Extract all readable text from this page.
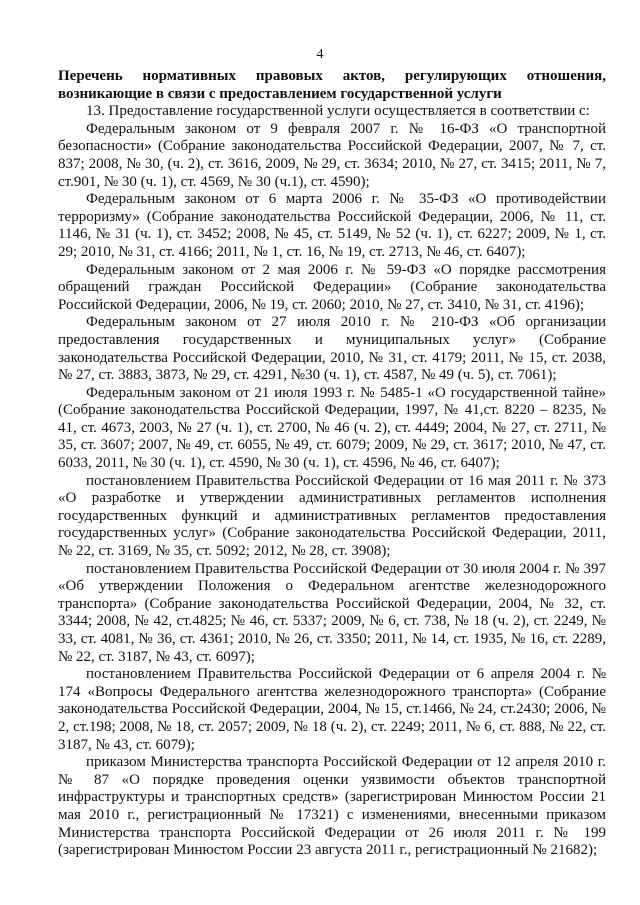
4

Перечень нормативных правовых актов, регулирующих отношения, возникающие в связи с предоставлением государственной услуги

13. Предоставление государственной услуги осуществляется в соответствии с:

Федеральным законом от 9 февраля 2007 г. № 16-ФЗ «О транспортной безопасности» (Собрание законодательства Российской Федерации, 2007, № 7, ст. 837; 2008, № 30, (ч. 2), ст. 3616, 2009, № 29, ст. 3634; 2010, № 27, ст. 3415; 2011, № 7, ст.901, № 30 (ч. 1), ст. 4569, № 30 (ч.1), ст. 4590);

Федеральным законом от 6 марта 2006 г. № 35-ФЗ «О противодействии терроризму» (Собрание законодательства Российской Федерации, 2006, № 11, ст. 1146, № 31 (ч. 1), ст. 3452; 2008, № 45, ст. 5149, № 52 (ч. 1), ст. 6227; 2009, № 1, ст. 29; 2010, № 31, ст. 4166; 2011, № 1, ст. 16, № 19, ст. 2713, № 46, ст. 6407);

Федеральным законом от 2 мая 2006 г. № 59-ФЗ «О порядке рассмотрения обращений граждан Российской Федерации» (Собрание законодательства Российской Федерации, 2006, № 19, ст. 2060; 2010, № 27, ст. 3410, № 31, ст. 4196);

Федеральным законом от 27 июля 2010 г. № 210-ФЗ «Об организации предоставления государственных и муниципальных услуг» (Собрание законодательства Российской Федерации, 2010, № 31, ст. 4179; 2011, № 15, ст. 2038, № 27, ст. 3883, 3873, № 29, ст. 4291, №30 (ч. 1), ст. 4587, № 49 (ч. 5), ст. 7061);

Федеральным законом от 21 июля 1993 г. № 5485-1 «О государственной тайне» (Собрание законодательства Российской Федерации, 1997, № 41,ст. 8220 – 8235, № 41, ст. 4673, 2003, № 27 (ч. 1), ст. 2700, № 46 (ч. 2), ст. 4449; 2004, № 27, ст. 2711, № 35, ст. 3607; 2007, № 49, ст. 6055, № 49, ст. 6079; 2009, № 29, ст. 3617; 2010, № 47, ст. 6033, 2011, № 30 (ч. 1), ст. 4590, № 30 (ч. 1), ст. 4596, № 46, ст. 6407);

постановлением Правительства Российской Федерации от 16 мая 2011 г. № 373 «О разработке и утверждении административных регламентов исполнения государственных функций и административных регламентов предоставления государственных услуг» (Собрание законодательства Российской Федерации, 2011, № 22, ст. 3169, № 35, ст. 5092; 2012, № 28, ст. 3908);

постановлением Правительства Российской Федерации от 30 июля 2004 г. № 397 «Об утверждении Положения о Федеральном агентстве железнодорожного транспорта» (Собрание законодательства Российской Федерации, 2004, № 32, ст. 3344; 2008, № 42, ст.4825; № 46, ст. 5337; 2009, № 6, ст. 738, № 18 (ч. 2), ст. 2249, № 33, ст. 4081, № 36, ст. 4361; 2010, № 26, ст. 3350; 2011, № 14, ст. 1935, № 16, ст. 2289, № 22, ст. 3187, № 43, ст. 6097);

постановлением Правительства Российской Федерации от 6 апреля 2004 г. № 174 «Вопросы Федерального агентства железнодорожного транспорта» (Собрание законодательства Российской Федерации, 2004, № 15, ст.1466, № 24, ст.2430; 2006, № 2, ст.198; 2008, № 18, ст. 2057; 2009, № 18 (ч. 2), ст. 2249; 2011, № 6, ст. 888, № 22, ст. 3187, № 43, ст. 6079);

приказом Министерства транспорта Российской Федерации от 12 апреля 2010 г. № 87 «О порядке проведения оценки уязвимости объектов транспортной инфраструктуры и транспортных средств» (зарегистрирован Минюстом России 21 мая 2010 г., регистрационный № 17321) с изменениями, внесенными приказом Министерства транспорта Российской Федерации от 26 июля 2011 г. № 199 (зарегистрирован Минюстом России 23 августа 2011 г., регистрационный № 21682);
